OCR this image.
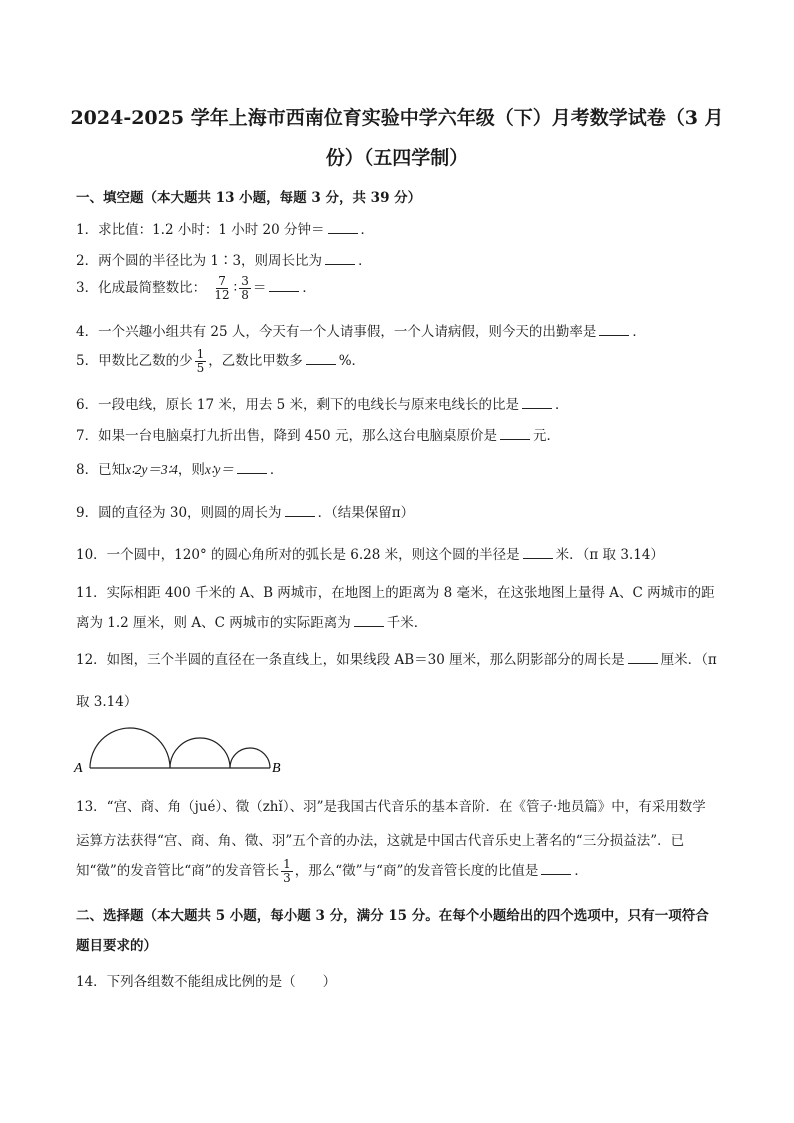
2024-2025 学年上海市西南位育实验中学六年级（下）月考数学试卷（3 月
份）（五四学制）
一、填空题（本大题共 13 小题，每题 3 分，共 39 分）
1．求比值：1.2 小时：1 小时 20 分钟＝	．
2．两个圆的半径比为 1∶3，则周长比为	．
3．化成最简整数比： $\frac{7}{12}$ ∶ $\frac{3}{8}$ ＝	．
4．一个兴趣小组共有 25 人，今天有一个人请事假，一个人请病假，则今天的出勤率是	．
5．甲数比乙数的少 $\frac{1}{5}$ ，乙数比甲数多	%．
6．一段电线，原长 17 米，用去 5 米，剩下的电线长与原来电线长的比是	．
7．如果一台电脑桌打九折出售，降到 450 元，那么这台电脑桌原价是	元．
8．已知x∶2y＝3∶4，则x∶y＝	．
9．圆的直径为 30，则圆的周长为	．（结果保留π）
10．一个圆中，120° 的圆心角所对的弧长是 6.28 米，则这个圆的半径是	米．（π 取 3.14）
11．实际相距 400 千米的 A、B 两城市，在地图上的距离为 8 毫米，在这张地图上量得 A、C 两城市的距
离为 1.2 厘米，则 A、C 两城市的实际距离为	千米．
12．如图，三个半圆的直径在一条直线上，如果线段 AB＝30 厘米，那么阴影部分的周长是	厘米．（π
取 3.14）
A	B
13．“宫、商、角（jué）、徵（zhǐ）、羽”是我国古代音乐的基本音阶．在《管子·地员篇》中，有采用数学
运算方法获得“宫、商、角、徵、羽”五个音的办法，这就是中国古代音乐史上著名的“三分损益法”．已
知“徵”的发音管比“商”的发音管长 $\frac{1}{3}$ ，那么“徵”与“商”的发音管长度的比值是	．
二、选择题（本大题共 5 小题，每小题 3 分，满分 15 分。在每个小题给出的四个选项中，只有一项符合
题目要求的）
14．下列各组数不能组成比例的是（　　）
